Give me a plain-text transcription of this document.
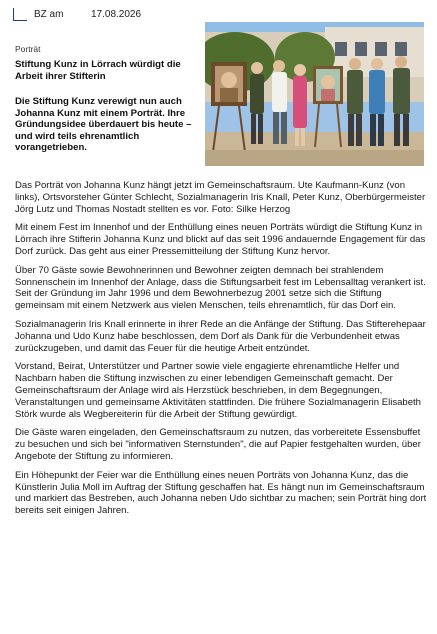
BZ am	17.08.2026
Porträt
Stiftung Kunz in Lörrach würdigt die Arbeit ihrer Stifterin
Die Stiftung Kunz verewigt nun auch Johanna Kunz mit einem Porträt. Ihre Gründungsidee überdauert bis heute – und wird teils ehrenamtlich vorangetrieben.

Das Porträt von Johanna Kunz hängt jetzt im Gemeinschaftsraum. Ute Kaufmann-Kunz (von links), Ortsvorsteher Günter Schlecht, Sozialmanagerin Iris Knall, Peter Kunz, Oberbürgermeister Jörg Lutz und Thomas Nostadt stellten es vor. Foto: Silke Herzog

Mit einem Fest im Innenhof und der Enthüllung eines neuen Porträts würdigt die Stiftung Kunz in Lörrach ihre Stifterin Johanna Kunz und blickt auf das seit 1996 andauernde Engagement für das Dorf zurück. Das geht aus einer Pressemitteilung der Stiftung Kunz hervor.

Über 70 Gäste sowie Bewohnerinnen und Bewohner zeigten demnach bei strahlendem Sonnenschein im Innenhof der Anlage, dass die Stiftungsarbeit fest im Lebensalltag verankert ist. Seit der Gründung im Jahr 1996 und dem Bewohnerbezug 2001 setze sich die Stiftung gemeinsam mit einem Netzwerk aus vielen Menschen, teils ehrenamtlich, für das Dorf ein.

Sozialmanagerin Iris Knall erinnerte in ihrer Rede an die Anfänge der Stiftung. Das Stifterehepaar Johanna und Udo Kunz habe beschlossen, dem Dorf als Dank für die Verbundenheit etwas zurückzugeben, und damit das Feuer für die heutige Arbeit entzündet.

Vorstand, Beirat, Unterstützer und Partner sowie viele engagierte ehrenamtliche Helfer und Nachbarn haben die Stiftung inzwischen zu einer lebendigen Gemeinschaft gemacht. Der Gemeinschaftsraum der Anlage wird als Herzstück beschrieben, in dem Begegnungen, Veranstaltungen und gemeinsame Aktivitäten stattfinden. Die frühere Sozialmanagerin Elisabeth Störk wurde als Wegbereiterin für die Arbeit der Stiftung gewürdigt.

Die Gäste waren eingeladen, den Gemeinschaftsraum zu nutzen, das vorbereitete Essensbuffet zu besuchen und sich bei "informativen Sternstunden", die auf Papier festgehalten wurden, über Angebote der Stiftung zu informieren.

Ein Höhepunkt der Feier war die Enthüllung eines neuen Porträts von Johanna Kunz, das die Künstlerin Julia Moll im Auftrag der Stiftung geschaffen hat. Es hängt nun im Gemeinschaftsraum und markiert das Bestreben, auch Johanna neben Udo sichtbar zu machen; sein Porträt hing dort bereits seit einigen Jahren.
